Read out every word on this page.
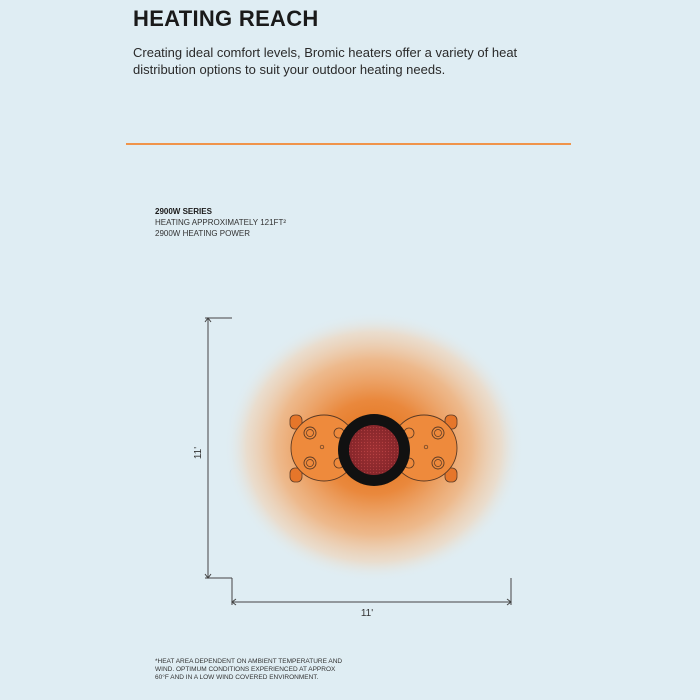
HEATING REACH

Creating ideal comfort levels, Bromic heaters offer a variety of heat distribution options to suit your outdoor heating needs.

2900W SERIES
HEATING APPROXIMATELY 121FT²
2900W HEATING POWER
11'
11'

*HEAT AREA DEPENDENT ON AMBIENT TEMPERATURE AND WIND. OPTIMUM CONDITIONS EXPERIENCED AT APPROX 60°F AND IN A LOW WIND COVERED ENVIRONMENT.
